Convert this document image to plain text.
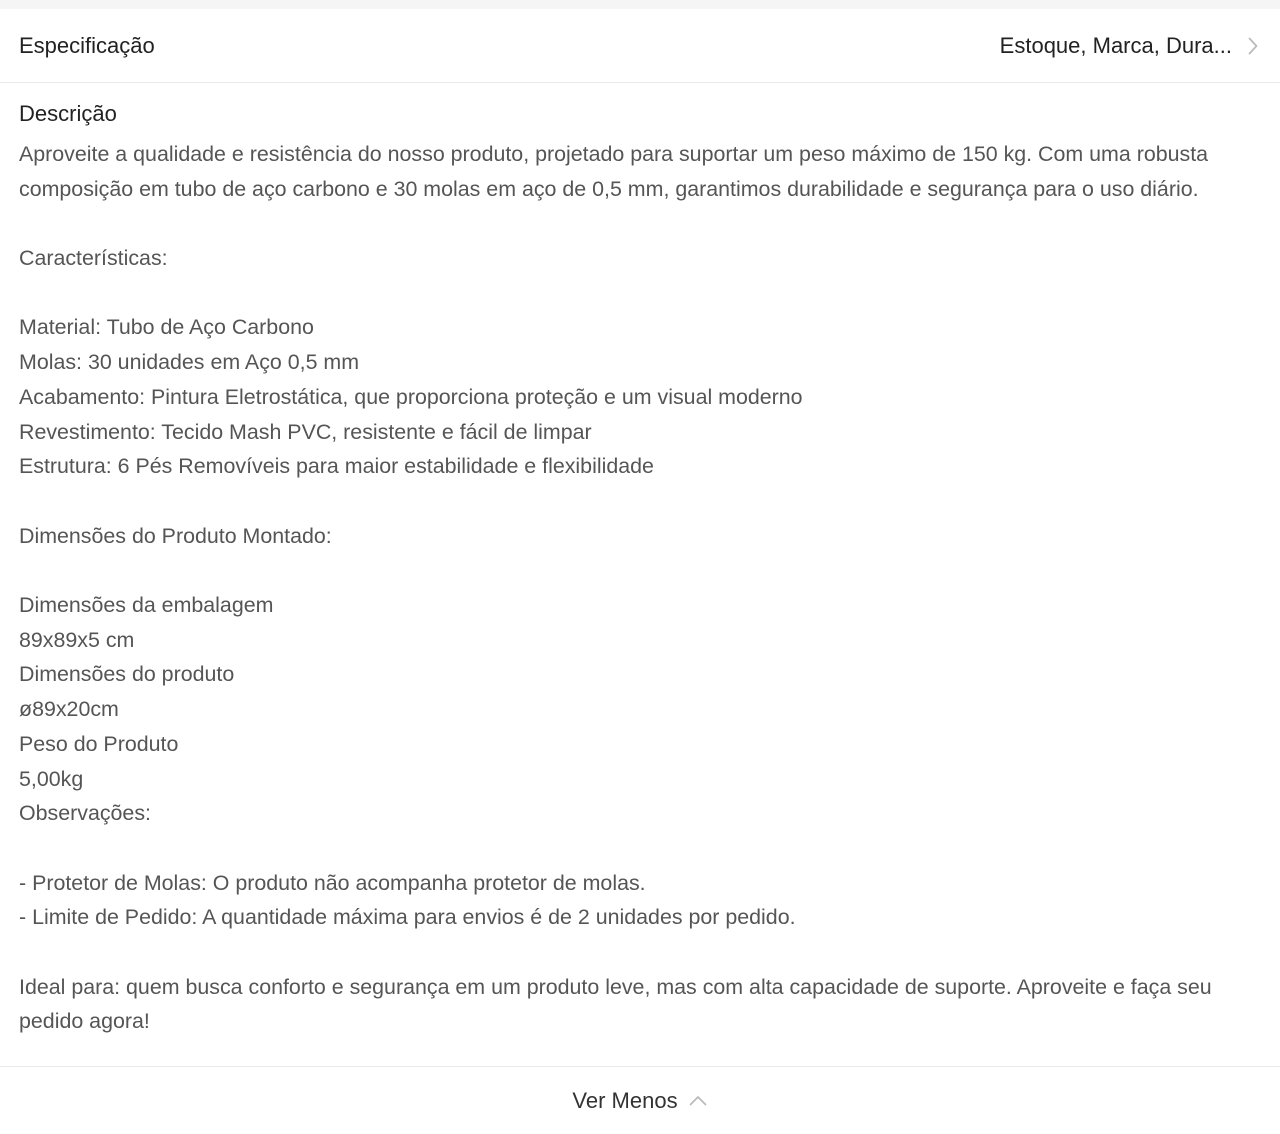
Especificação	Estoque, Marca, Dura...
Descrição

Aproveite a qualidade e resistência do nosso produto, projetado para suportar um peso máximo de 150 kg. Com uma robusta

composição em tubo de aço carbono e 30 molas em aço de 0,5 mm, garantimos durabilidade e segurança para o uso diário.

Características:

Material: Tubo de Aço Carbono

Molas: 30 unidades em Aço 0,5 mm

Acabamento: Pintura Eletrostática, que proporciona proteção e um visual moderno

Revestimento: Tecido Mash PVC, resistente e fácil de limpar

Estrutura: 6 Pés Removíveis para maior estabilidade e flexibilidade

Dimensões do Produto Montado:

Dimensões da embalagem

89x89x5 cm

Dimensões do produto

ø89x20cm

Peso do Produto

5,00kg

Observações:

- Protetor de Molas: O produto não acompanha protetor de molas.

- Limite de Pedido: A quantidade máxima para envios é de 2 unidades por pedido.

Ideal para: quem busca conforto e segurança em um produto leve, mas com alta capacidade de suporte. Aproveite e faça seu

pedido agora!

Ver Menos
